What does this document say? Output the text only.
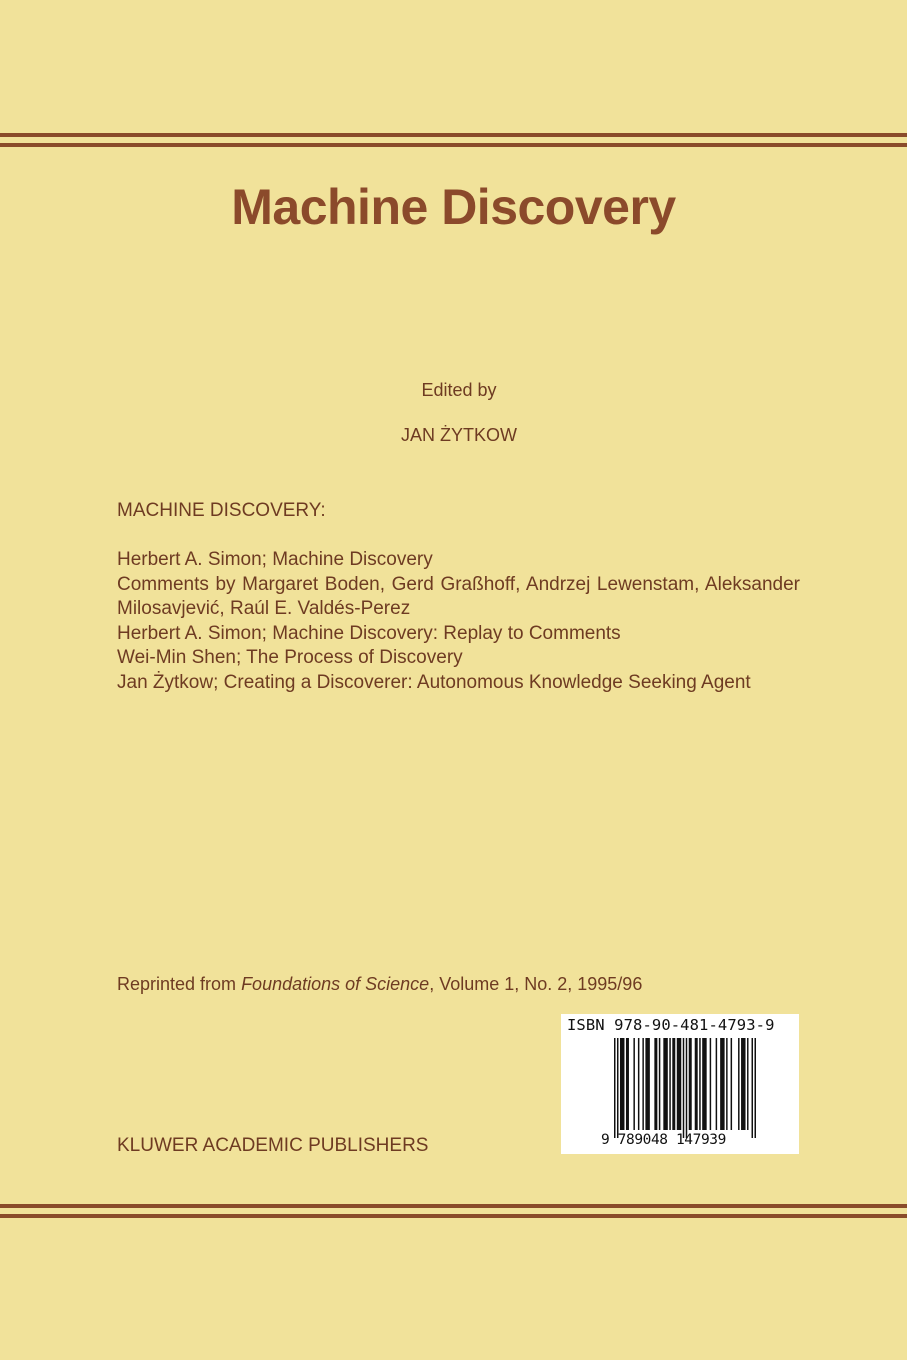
Machine Discovery
Edited by
JAN ŻYTKOW
MACHINE DISCOVERY:
Herbert A. Simon; Machine Discovery
Comments by Margaret Boden, Gerd Graßhoff, Andrzej Lewenstam, Aleksander Milosavjević, Raúl E. Valdés-Perez
Herbert A. Simon; Machine Discovery: Replay to Comments
Wei-Min Shen; The Process of Discovery
Jan Żytkow; Creating a Discoverer: Autonomous Knowledge Seeking Agent
Reprinted from Foundations of Science, Volume 1, No. 2, 1995/96
ISBN 978-90-481-4793-9
9 789048 147939
KLUWER ACADEMIC PUBLISHERS
